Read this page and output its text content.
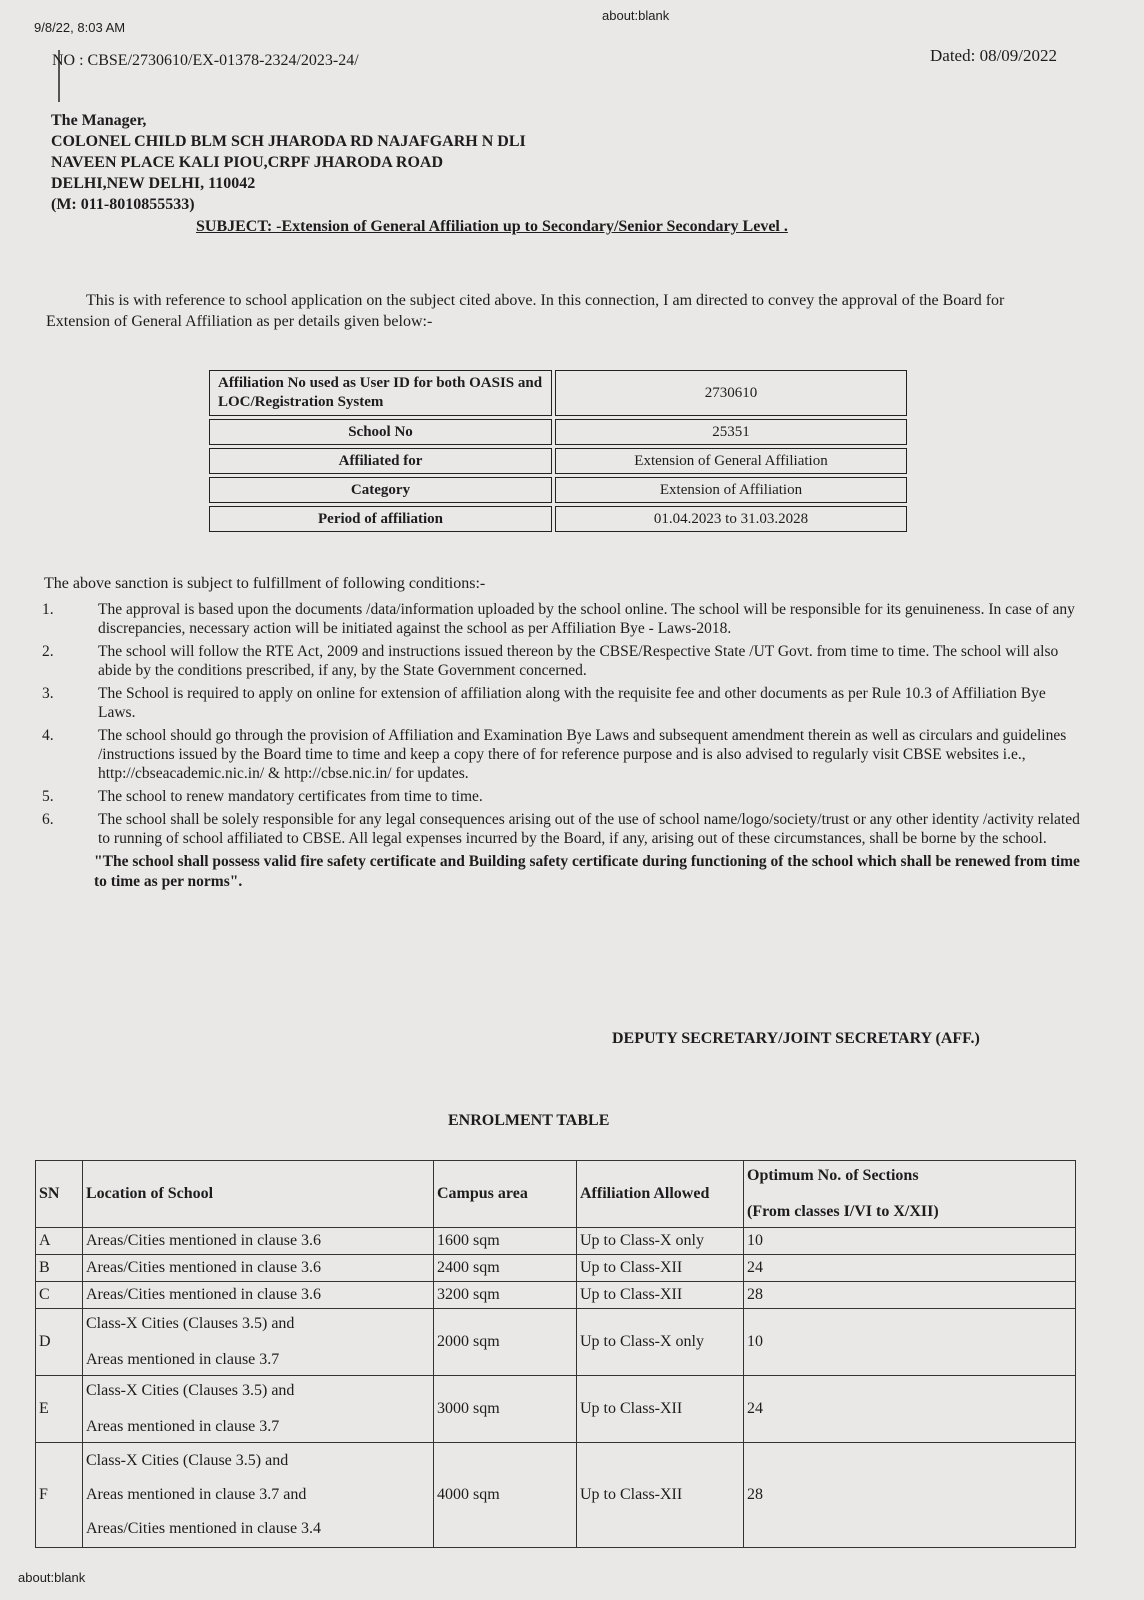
9/8/22, 8:03 AM
about:blank
about:blank
NO : CBSE/2730610/EX-01378-2324/2023-24/	Dated: 08/09/2022
The Manager,
COLONEL CHILD BLM SCH JHARODA RD NAJAFGARH N DLI
NAVEEN PLACE KALI PIOU,CRPF JHARODA ROAD
DELHI,NEW DELHI, 110042
(M: 011-8010855533)
SUBJECT: -Extension of General Affiliation up to Secondary/Senior Secondary Level .
This is with reference to school application on the subject cited above. In this connection, I am directed to convey the approval of the Board for Extension of General Affiliation as per details given below:-
Affiliation No used as User ID for both OASIS and LOC/Registration System	2730610
School No	25351
Affiliated for	Extension of General Affiliation
Category	Extension of Affiliation
Period of affiliation	01.04.2023 to 31.03.2028
The above sanction is subject to fulfillment of following conditions:-
1.	The approval is based upon the documents /data/information uploaded by the school online. The school will be responsible for its genuineness. In case of any discrepancies, necessary action will be initiated against the school as per Affiliation Bye - Laws-2018.
2.	The school will follow the RTE Act, 2009 and instructions issued thereon by the CBSE/Respective State /UT Govt. from time to time. The school will also abide by the conditions prescribed, if any, by the State Government concerned.
3.	The School is required to apply on online for extension of affiliation along with the requisite fee and other documents as per Rule 10.3 of Affiliation Bye Laws.
4.	The school should go through the provision of Affiliation and Examination Bye Laws and subsequent amendment therein as well as circulars and guidelines /instructions issued by the Board time to time and keep a copy there of for reference purpose and is also advised to regularly visit CBSE websites i.e., http://cbseacademic.nic.in/ & http://cbse.nic.in/ for updates.
5.	The school to renew mandatory certificates from time to time.
6.	The school shall be solely responsible for any legal consequences arising out of the use of school name/logo/society/trust or any other identity /activity related to running of school affiliated to CBSE. All legal expenses incurred by the Board, if any, arising out of these circumstances, shall be borne by the school.
"The school shall possess valid fire safety certificate and Building safety certificate during functioning of the school which shall be renewed from time to time as per norms".
DEPUTY SECRETARY/JOINT SECRETARY (AFF.)
ENROLMENT TABLE
SN	Location of School	Campus area	Affiliation Allowed	Optimum No. of Sections
(From classes I/VI to X/XII)

A	Areas/Cities mentioned in clause 3.6	1600 sqm	Up to Class-X only	10
B	Areas/Cities mentioned in clause 3.6	2400 sqm	Up to Class-XII	24
C	Areas/Cities mentioned in clause 3.6	3200 sqm	Up to Class-XII	28
D	Class-X Cities (Clauses 3.5) and
Areas mentioned in clause 3.7	2000 sqm	Up to Class-X only	10
E	Class-X Cities (Clauses 3.5) and
Areas mentioned in clause 3.7	3000 sqm	Up to Class-XII	24
F	Class-X Cities (Clause 3.5) and
Areas mentioned in clause 3.7 and
Areas/Cities mentioned in clause 3.4	4000 sqm	Up to Class-XII	28
